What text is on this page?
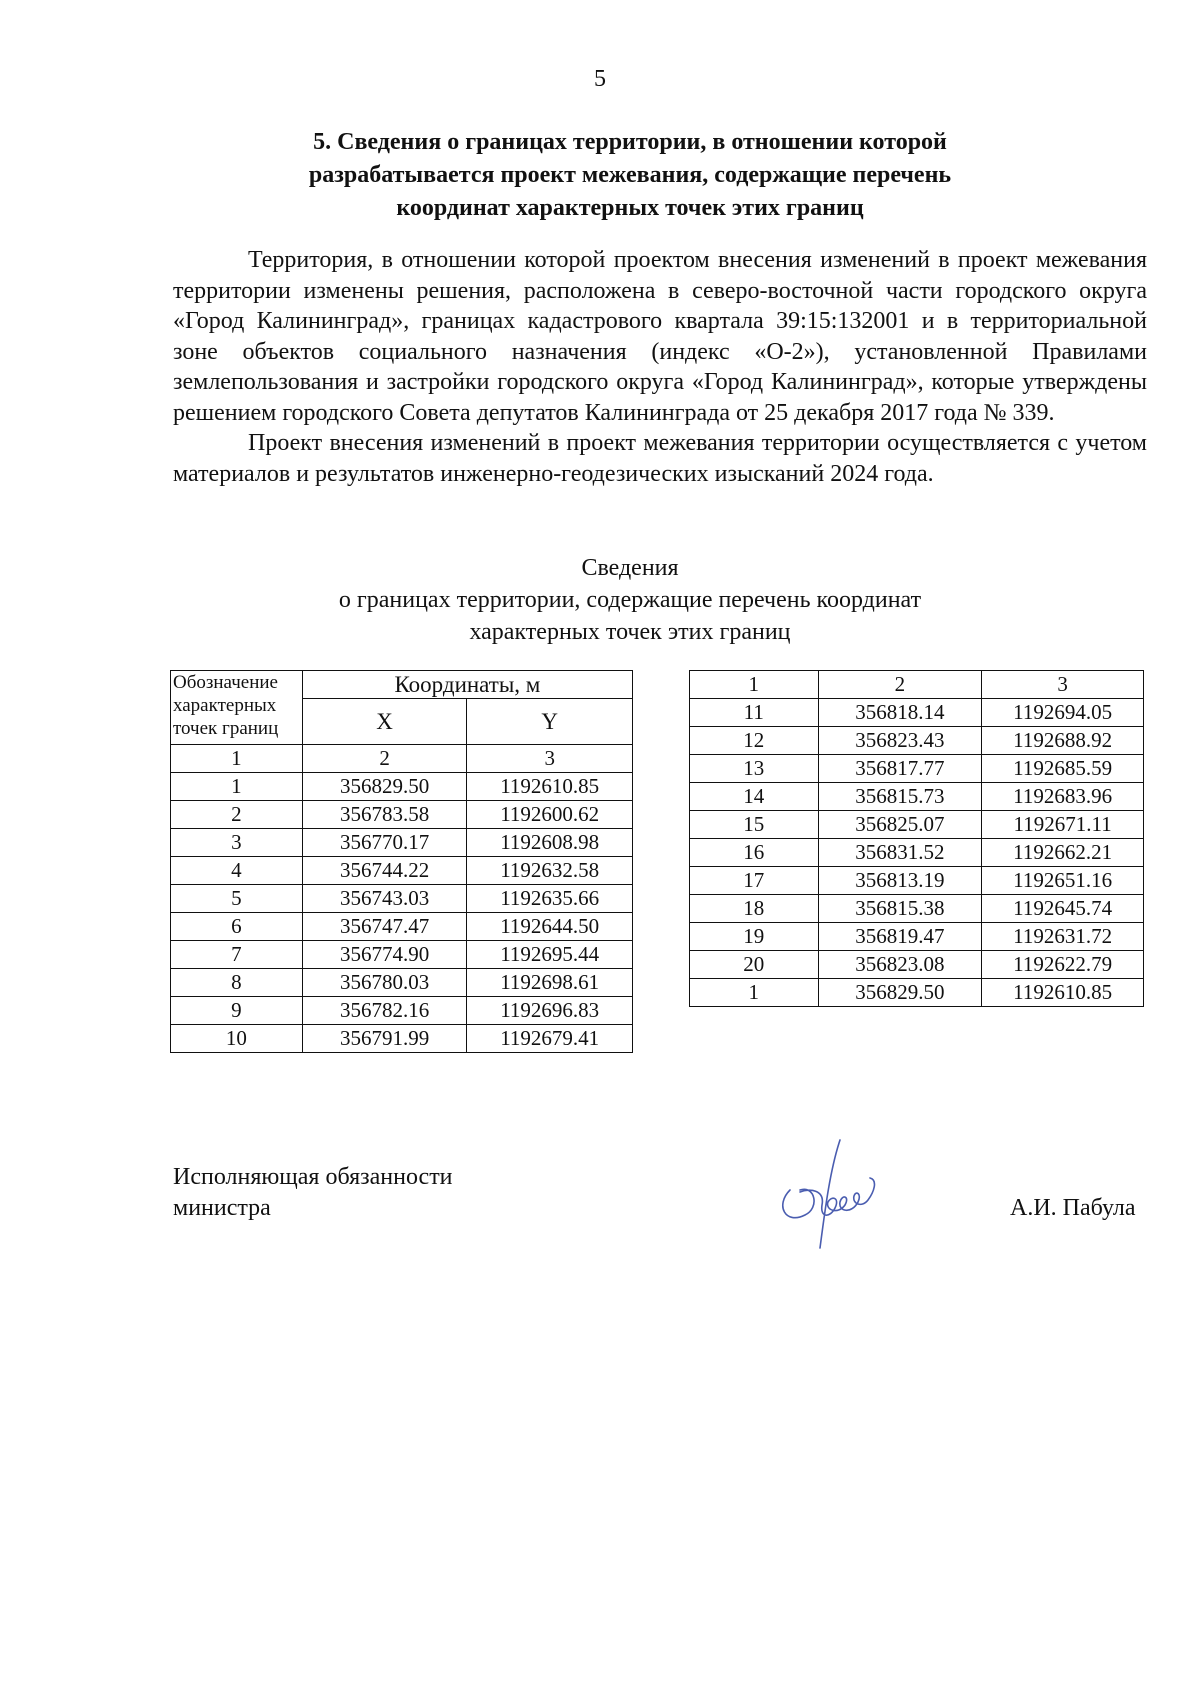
5
5. Сведения о границах территории, в отношении которой
разрабатывается проект межевания, содержащие перечень
координат характерных точек этих границ

Территория, в отношении которой проектом внесения изменений в проект межевания территории изменены решения, расположена в северо-восточной части городского округа «Город Калининград», границах кадастрового квартала 39:15:132001 и в территориальной зоне объектов социального назначения (индекс «О-2»), установленной Правилами землепользования и застройки городского округа «Город Калининград», которые утверждены решением городского Совета депутатов Калининграда от 25 декабря 2017 года № 339.

Проект внесения изменений в проект межевания территории осуществляется с учетом материалов и результатов инженерно-геодезических изысканий 2024 года.

Сведения
о границах территории, содержащие перечень координат
характерных точек этих границ
Обозначение
характерных
точек границ	Координаты, м	
	X	Y
1	2	3
1	356829.50	1192610.85
2	356783.58	1192600.62
3	356770.17	1192608.98
4	356744.22	1192632.58
5	356743.03	1192635.66
6	356747.47	1192644.50
7	356774.90	1192695.44
8	356780.03	1192698.61
9	356782.16	1192696.83
10	356791.99	1192679.41
1	2	3
11	356818.14	1192694.05
12	356823.43	1192688.92
13	356817.77	1192685.59
14	356815.73	1192683.96
15	356825.07	1192671.11
16	356831.52	1192662.21
17	356813.19	1192651.16
18	356815.38	1192645.74
19	356819.47	1192631.72
20	356823.08	1192622.79
1	356829.50	1192610.85
Исполняющая обязанности
министра	А.И. Пабула
